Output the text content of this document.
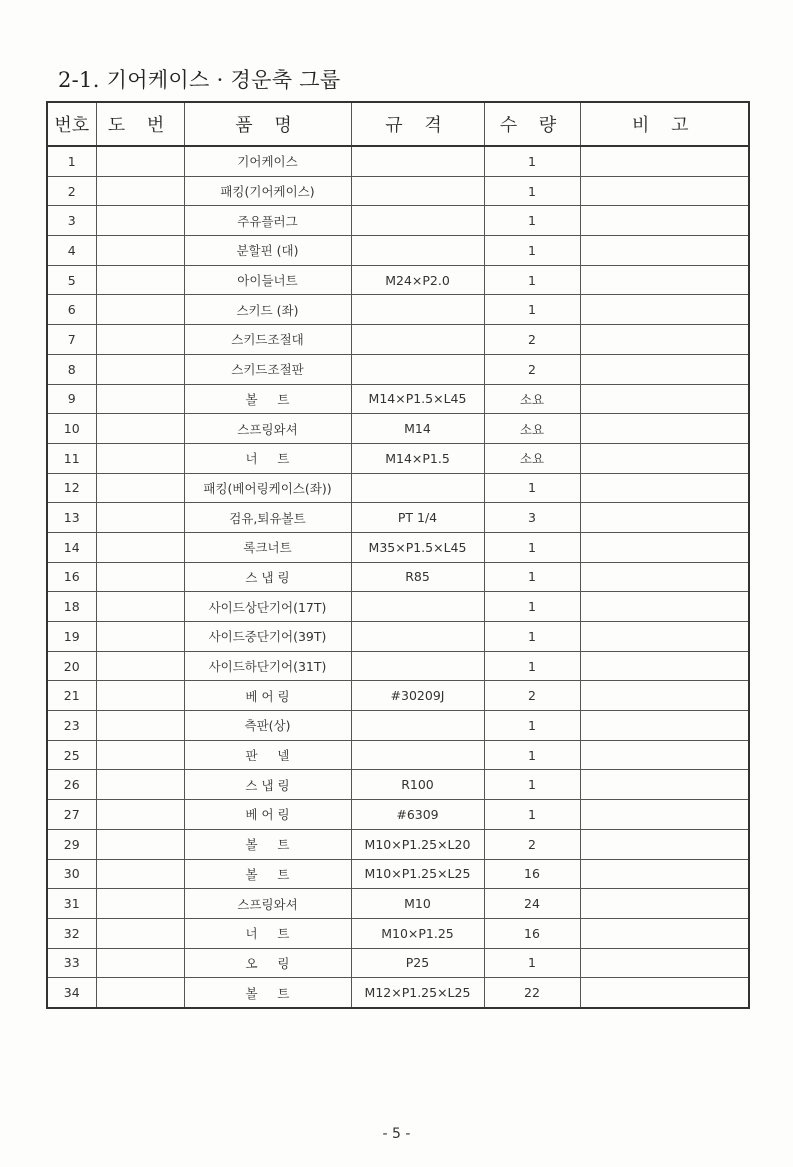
2-1. 기어케이스 · 경운축 그룹
번호	도 번	품 명	규 격	수 량	비 고
1		기어케이스		1	
2		패킹(기어케이스)		1	
3		주유플러그		1	
4		분할핀 (대)		1	
5		아이들너트	M24×P2.0	1	
6		스키드 (좌)		1	
7		스키드조절대		2	
8		스키드조절판		2	
9		볼     트	M14×P1.5×L45	소요	
10		스프링와셔	M14	소요	
11		너     트	M14×P1.5	소요	
12		패킹(베어링케이스(좌))		1	
13		검유,퇴유볼트	PT 1/4	3	
14		록크너트	M35×P1.5×L45	1	
16		스 냅 링	R85	1	
18		사이드상단기어(17T)		1	
19		사이드중단기어(39T)		1	
20		사이드하단기어(31T)		1	
21		베 어 링	#30209J	2	
23		측판(상)		1	
25		판     넬		1	
26		스 냅 링	R100	1	
27		베 어 링	#6309	1	
29		볼     트	M10×P1.25×L20	2	
30		볼     트	M10×P1.25×L25	16	
31		스프링와셔	M10	24	
32		너     트	M10×P1.25	16	
33		오     링	P25	1	
34		볼     트	M12×P1.25×L25	22	
- 5 -
